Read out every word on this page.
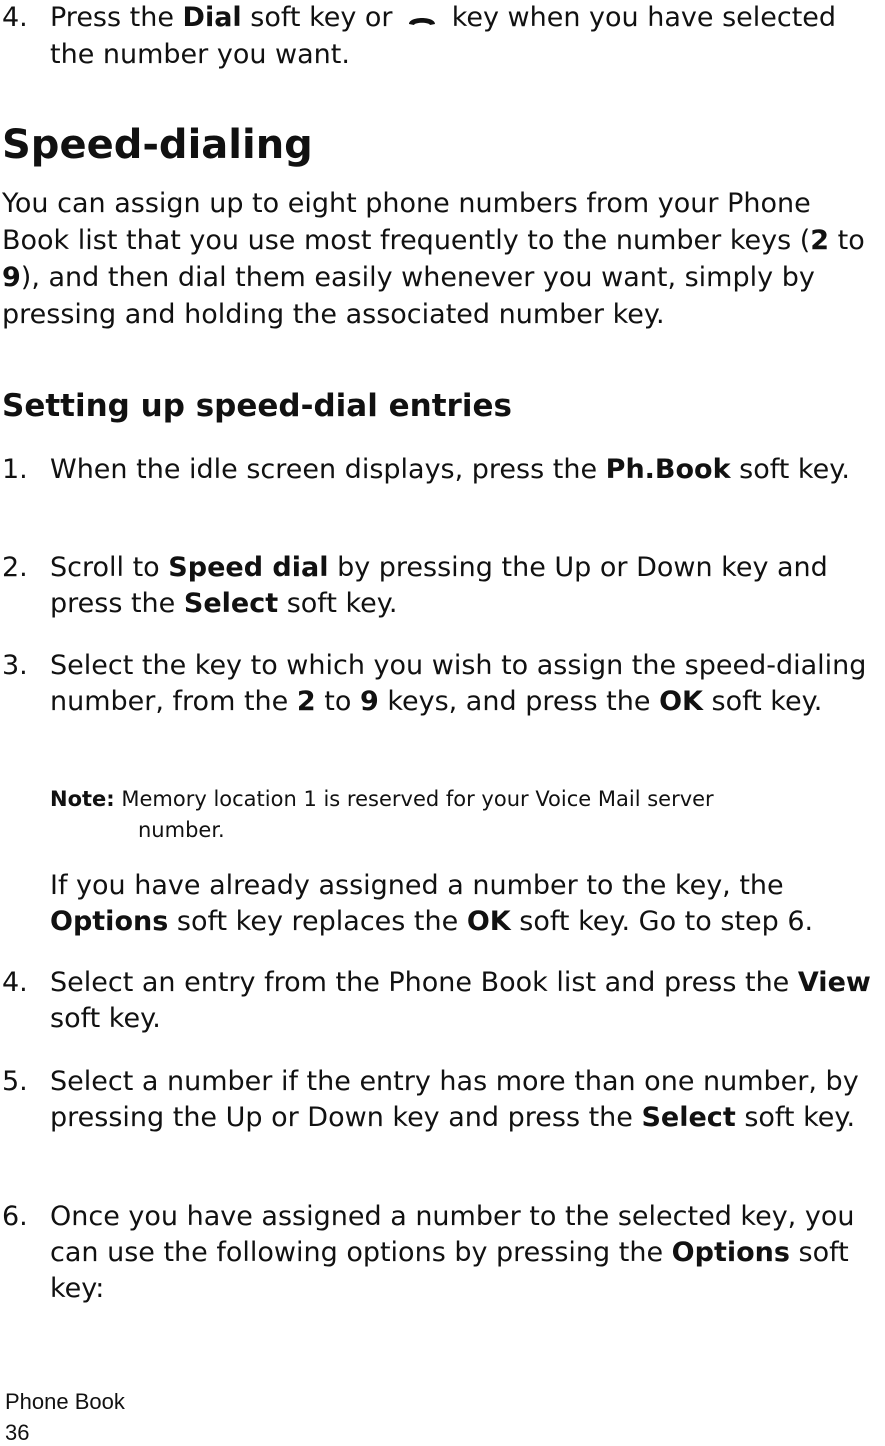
4. Press the Dial soft key or  key when you have selected the number you want.
Speed-dialing

You can assign up to eight phone numbers from your Phone Book list that you use most frequently to the number keys (2 to 9), and then dial them easily whenever you want, simply by pressing and holding the associated number key.

Setting up speed-dial entries
1. When the idle screen displays, press the Ph.Book soft key.
2. Scroll to Speed dial by pressing the Up or Down key and press the Select soft key.
3. Select the key to which you wish to assign the speed-dialing number, from the 2 to 9 keys, and press the OK soft key.
Note: Memory location 1 is reserved for your Voice Mail server
number.
If you have already assigned a number to the key, the Options soft key replaces the OK soft key. Go to step 6.
4. Select an entry from the Phone Book list and press the View soft key.
5. Select a number if the entry has more than one number, by pressing the Up or Down key and press the Select soft key.
6. Once you have assigned a number to the selected key, you can use the following options by pressing the Options soft key:
Phone Book
36
